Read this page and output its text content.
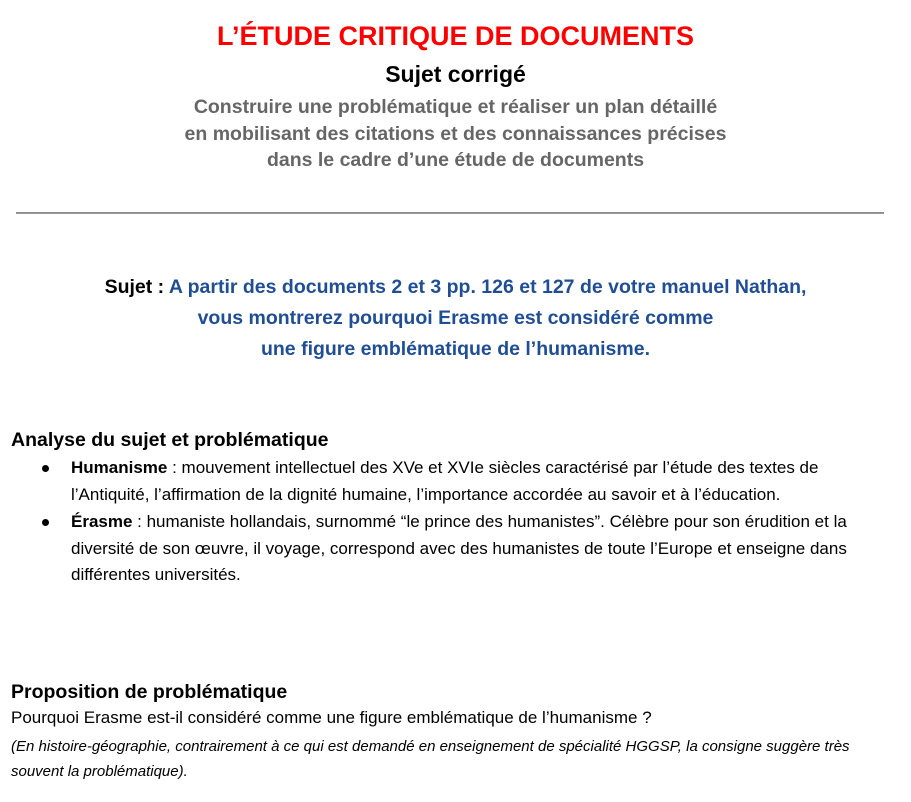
L’ÉTUDE CRITIQUE DE DOCUMENTS
Sujet corrigé
Construire une problématique et réaliser un plan détaillé
en mobilisant des citations et des connaissances précises
dans le cadre d’une étude de documents
Sujet : A partir des documents 2 et 3 pp. 126 et 127 de votre manuel Nathan,
vous montrerez pourquoi Erasme est considéré comme
une figure emblématique de l’humanisme.
Analyse du sujet et problématique
Humanisme : mouvement intellectuel des XVe et XVIe siècles caractérisé par l’étude des textes de l’Antiquité, l’affirmation de la dignité humaine, l’importance accordée au savoir et à l’éducation.
Érasme : humaniste hollandais, surnommé “le prince des humanistes”. Célèbre pour son érudition et la diversité de son œuvre, il voyage, correspond avec des humanistes de toute l’Europe et enseigne dans différentes universités.
Proposition de problématique

Pourquoi Erasme est-il considéré comme une figure emblématique de l’humanisme ?

(En histoire-géographie, contrairement à ce qui est demandé en enseignement de spécialité HGGSP, la consigne suggère très souvent la problématique).
